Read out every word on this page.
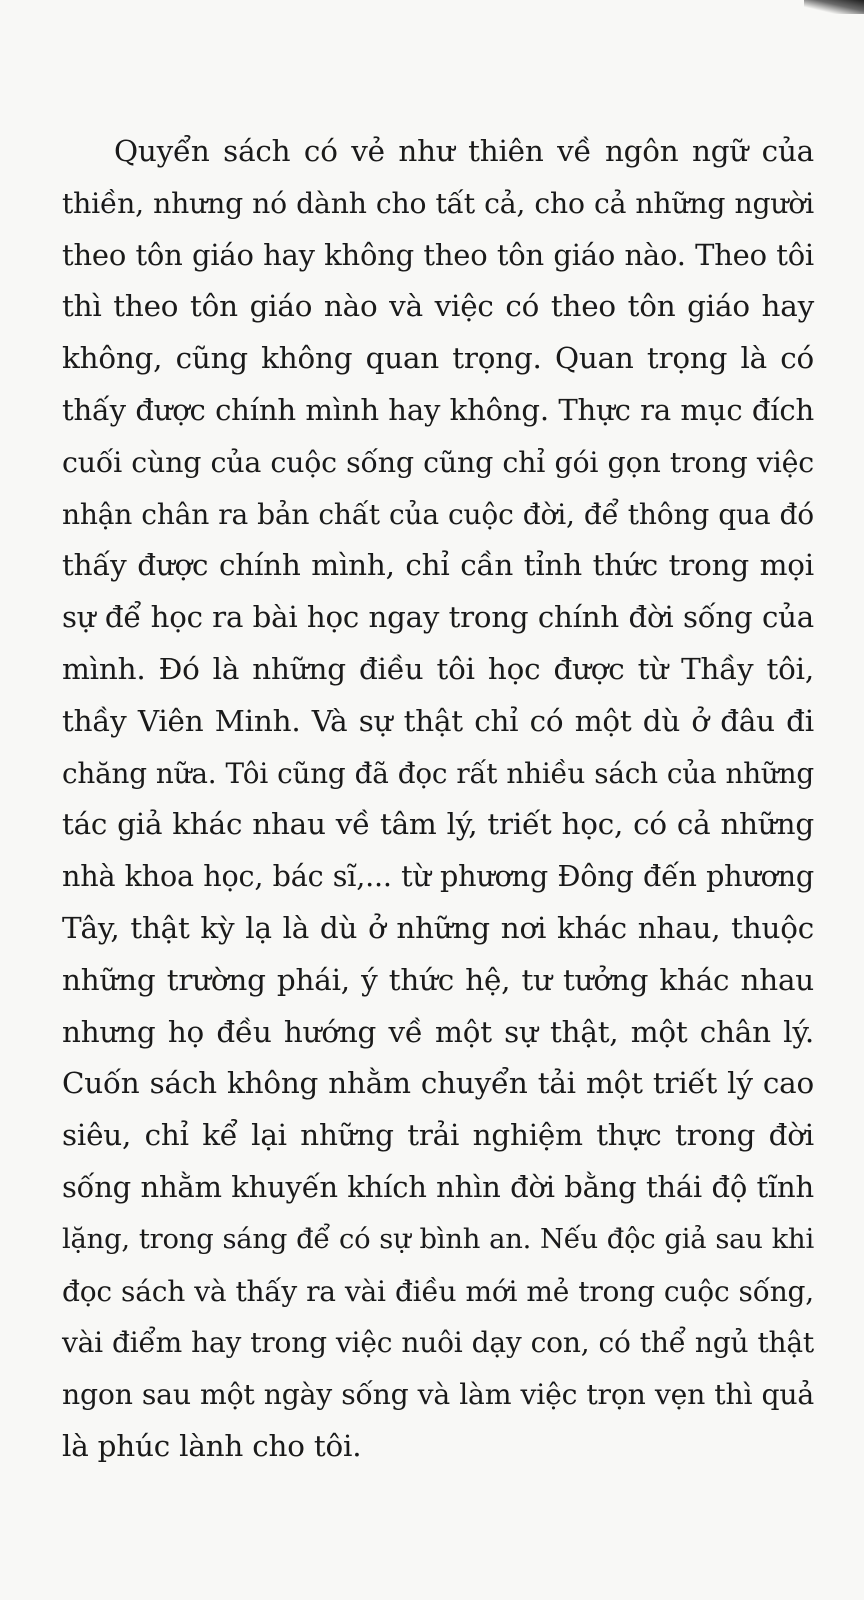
Quyển sách có vẻ như thiên về ngôn ngữ của
thiền, nhưng nó dành cho tất cả, cho cả những người
theo tôn giáo hay không theo tôn giáo nào. Theo tôi
thì theo tôn giáo nào và việc có theo tôn giáo hay
không, cũng không quan trọng. Quan trọng là có
thấy được chính mình hay không. Thực ra mục đích
cuối cùng của cuộc sống cũng chỉ gói gọn trong việc
nhận chân ra bản chất của cuộc đời, để thông qua đó
thấy được chính mình, chỉ cần tỉnh thức trong mọi
sự để học ra bài học ngay trong chính đời sống của
mình. Đó là những điều tôi học được từ Thầy tôi,
thầy Viên Minh. Và sự thật chỉ có một dù ở đâu đi
chăng nữa. Tôi cũng đã đọc rất nhiều sách của những
tác giả khác nhau về tâm lý, triết học, có cả những
nhà khoa học, bác sĩ,... từ phương Đông đến phương
Tây, thật kỳ lạ là dù ở những nơi khác nhau, thuộc
những trường phái, ý thức hệ, tư tưởng khác nhau
nhưng họ đều hướng về một sự thật, một chân lý.
Cuốn sách không nhằm chuyển tải một triết lý cao
siêu, chỉ kể lại những trải nghiệm thực trong đời
sống nhằm khuyến khích nhìn đời bằng thái độ tĩnh
lặng, trong sáng để có sự bình an. Nếu độc giả sau khi
đọc sách và thấy ra vài điều mới mẻ trong cuộc sống,
vài điểm hay trong việc nuôi dạy con, có thể ngủ thật
ngon sau một ngày sống và làm việc trọn vẹn thì quả
là phúc lành cho tôi.
